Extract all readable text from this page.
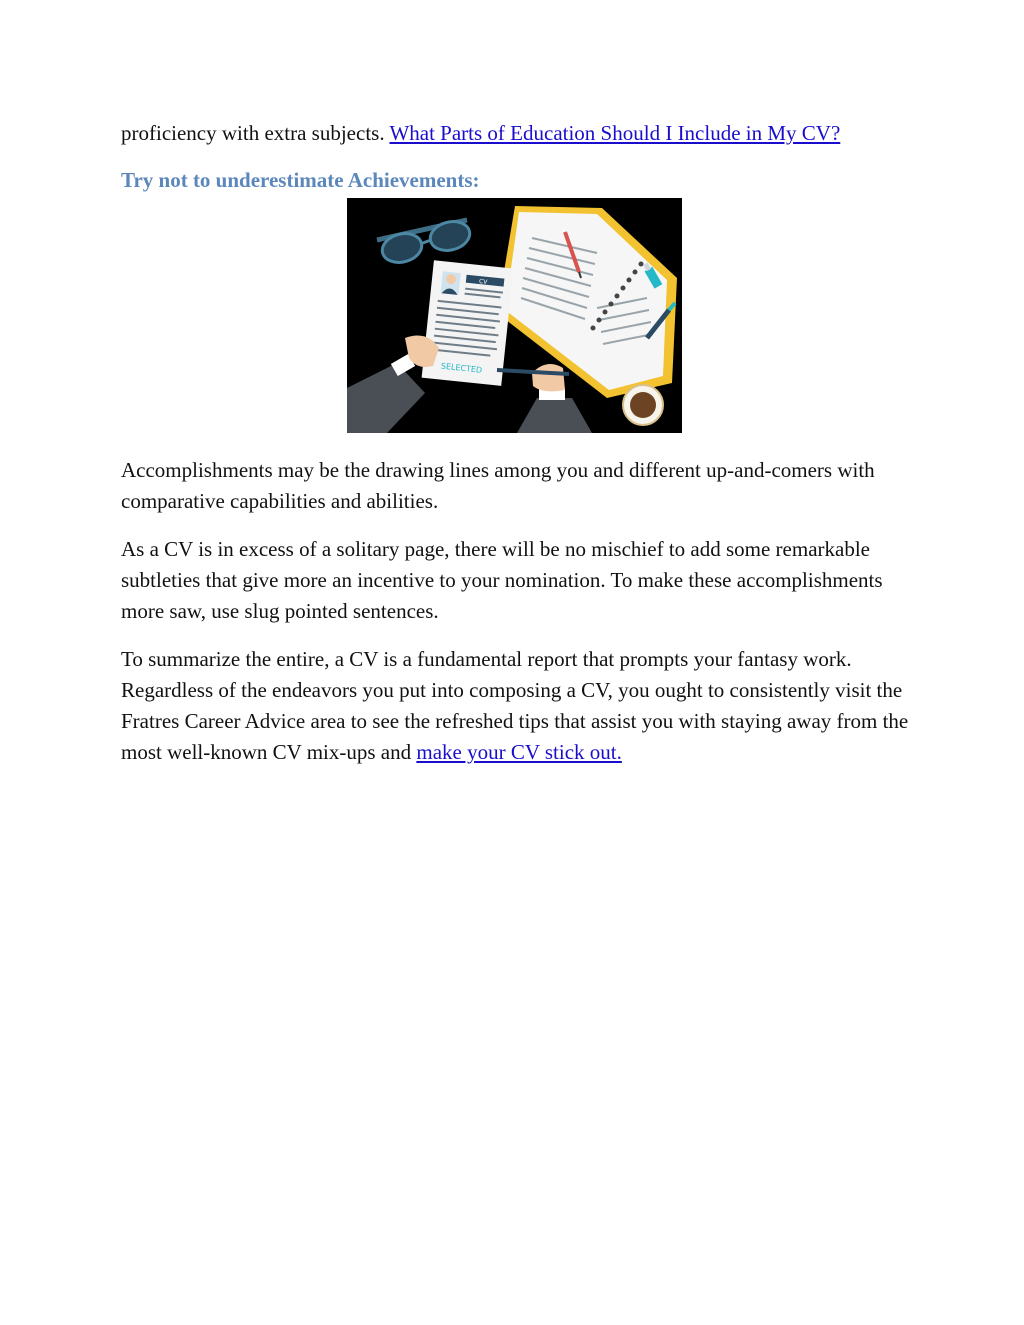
proficiency with extra subjects. What Parts of Education Should I Include in My CV?

Try not to underestimate Achievements:
CV
SELECTED

Accomplishments may be the drawing lines among you and different up-and-comers with comparative capabilities and abilities.

As a CV is in excess of a solitary page, there will be no mischief to add some remarkable subtleties that give more an incentive to your nomination. To make these accomplishments more saw, use slug pointed sentences.

To summarize the entire, a CV is a fundamental report that prompts your fantasy work. Regardless of the endeavors you put into composing a CV, you ought to consistently visit the Fratres Career Advice area to see the refreshed tips that assist you with staying away from the most well-known CV mix-ups and make your CV stick out.
